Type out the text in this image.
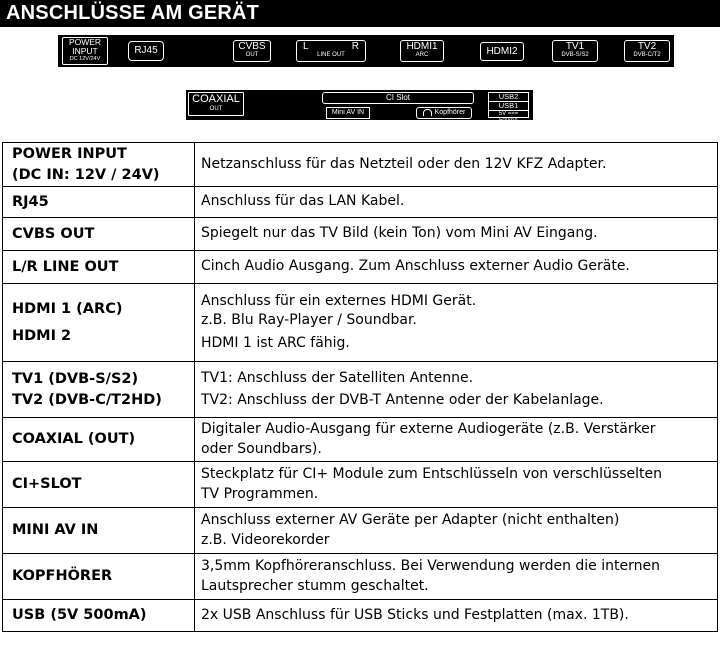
ANSCHLÜSSE AM GERÄT
POWER
INPUT
DC 12V/24V
RJ45	CVBS
OUT
L	R
LINE OUT
HDMI1
ARC	HDMI2	TV1
DVB-S/S2
TV2
DVB-C/T2
COAXIAL
OUT
CI Slot
Mini AV IN	Kopfhörer
USB2
USB1
5V === 500mA
POWER INPUT
(DC IN: 12V / 24V)	Netzanschluss für das Netzteil oder den 12V KFZ Adapter.

RJ45	Anschluss für das LAN Kabel.

CVBS OUT	Spiegelt nur das TV Bild (kein Ton) vom Mini AV Eingang.

L/R LINE OUT	Cinch Audio Ausgang. Zum Anschluss externer Audio Geräte.

HDMI 1 (ARC)
HDMI 2	Anschluss für ein externes HDMI Gerät.
z.B. Blu Ray-Player / Soundbar.
HDMI 1 ist ARC fähig.

TV1 (DVB-S/S2)
TV2 (DVB-C/T2HD)	TV1: Anschluss der Satelliten Antenne.
TV2: Anschluss der DVB-T Antenne oder der Kabelanlage.

COAXIAL (OUT)	Digitaler Audio-Ausgang für externe Audiogeräte (z.B. Verstärker
oder Soundbars).

CI+SLOT	Steckplatz für CI+ Module zum Entschlüsseln von verschlüsselten
TV Programmen.

MINI AV IN	Anschluss externer AV Geräte per Adapter (nicht enthalten)
z.B. Videorekorder

KOPFHÖRER	3,5mm Kopfhöreranschluss. Bei Verwendung werden die internen
Lautsprecher stumm geschaltet.

USB (5V 500mA)	2x USB Anschluss für USB Sticks und Festplatten (max. 1TB).
